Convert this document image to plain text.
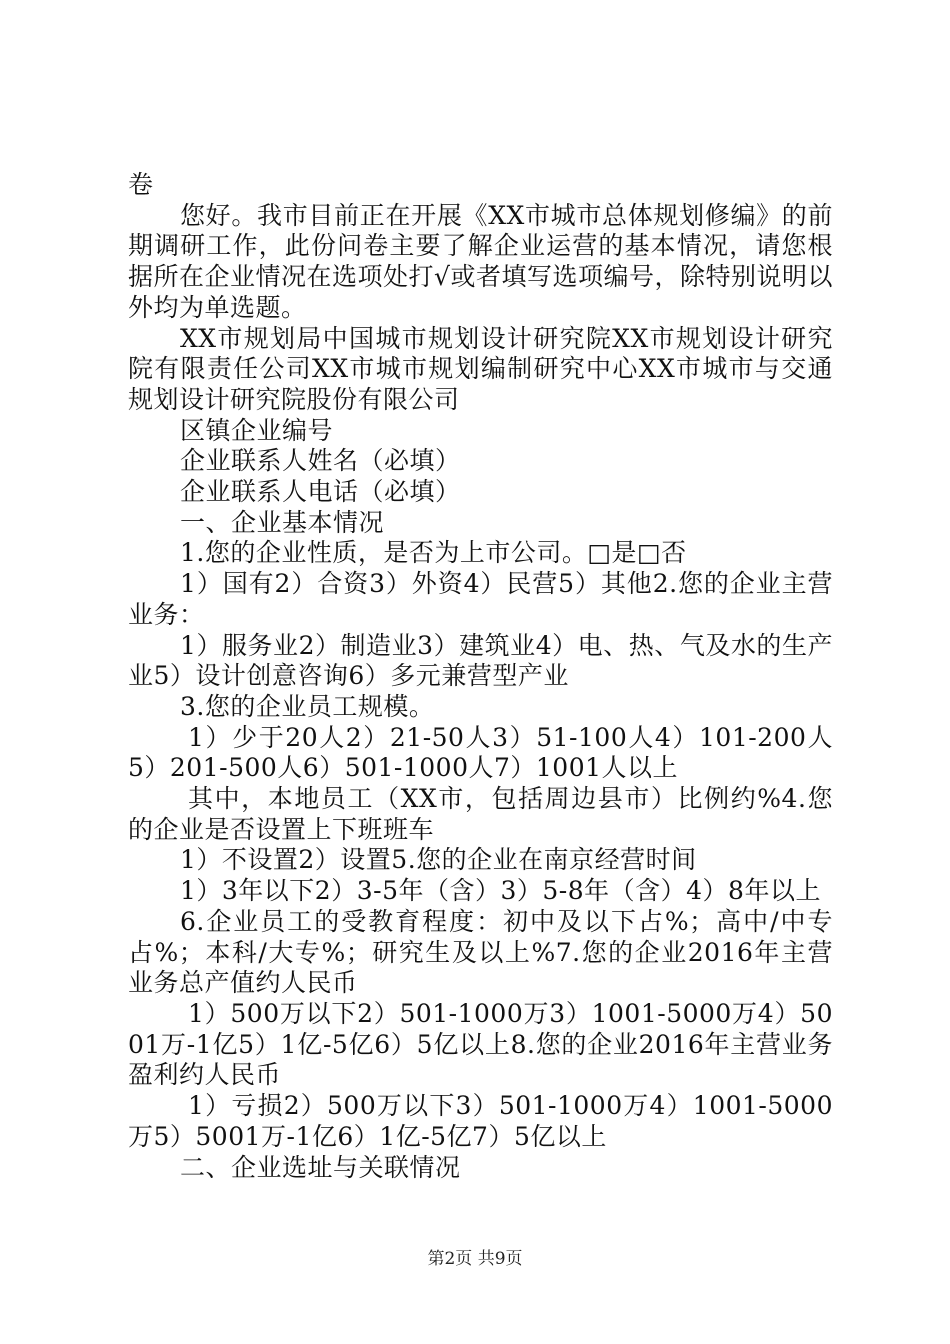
卷

您好。我市目前正在开展《XX市城市总体规划修编》的前期调研工作，此份问卷主要了解企业运营的基本情况，请您根据所在企业情况在选项处打√或者填写选项编号，除特别说明以外均为单选题。

XX市规划局中国城市规划设计研究院XX市规划设计研究院有限责任公司XX市城市规划编制研究中心XX市城市与交通规划设计研究院股份有限公司

区镇企业编号

企业联系人姓名（必填）

企业联系人电话（必填）

一、企业基本情况

1.您的企业性质，是否为上市公司。□是□否

1）国有2）合资3）外资4）民营5）其他2.您的企业主营业务：

1）服务业2）制造业3）建筑业4）电、热、气及水的生产业5）设计创意咨询6）多元兼营型产业

3.您的企业员工规模。

1）少于20人2）21-50人3）51-100人4）101-200人5）201-500人6）501-1000人7）1001人以上

其中，本地员工（XX市，包括周边县市）比例约%4.您的企业是否设置上下班班车

1）不设置2）设置5.您的企业在南京经营时间

1）3年以下2）3-5年（含）3）5-8年（含）4）8年以上

6.企业员工的受教育程度：初中及以下占%；高中/中专占%；本科/大专%；研究生及以上%7.您的企业2016年主营业务总产值约人民币

1）500万以下2）501-1000万3）1001-5000万4）5001万-1亿5）1亿-5亿6）5亿以上8.您的企业2016年主营业务盈利约人民币

1）亏损2）500万以下3）501-1000万4）1001-5000万5）5001万-1亿6）1亿-5亿7）5亿以上

二、企业选址与关联情况

第2页 共9页
